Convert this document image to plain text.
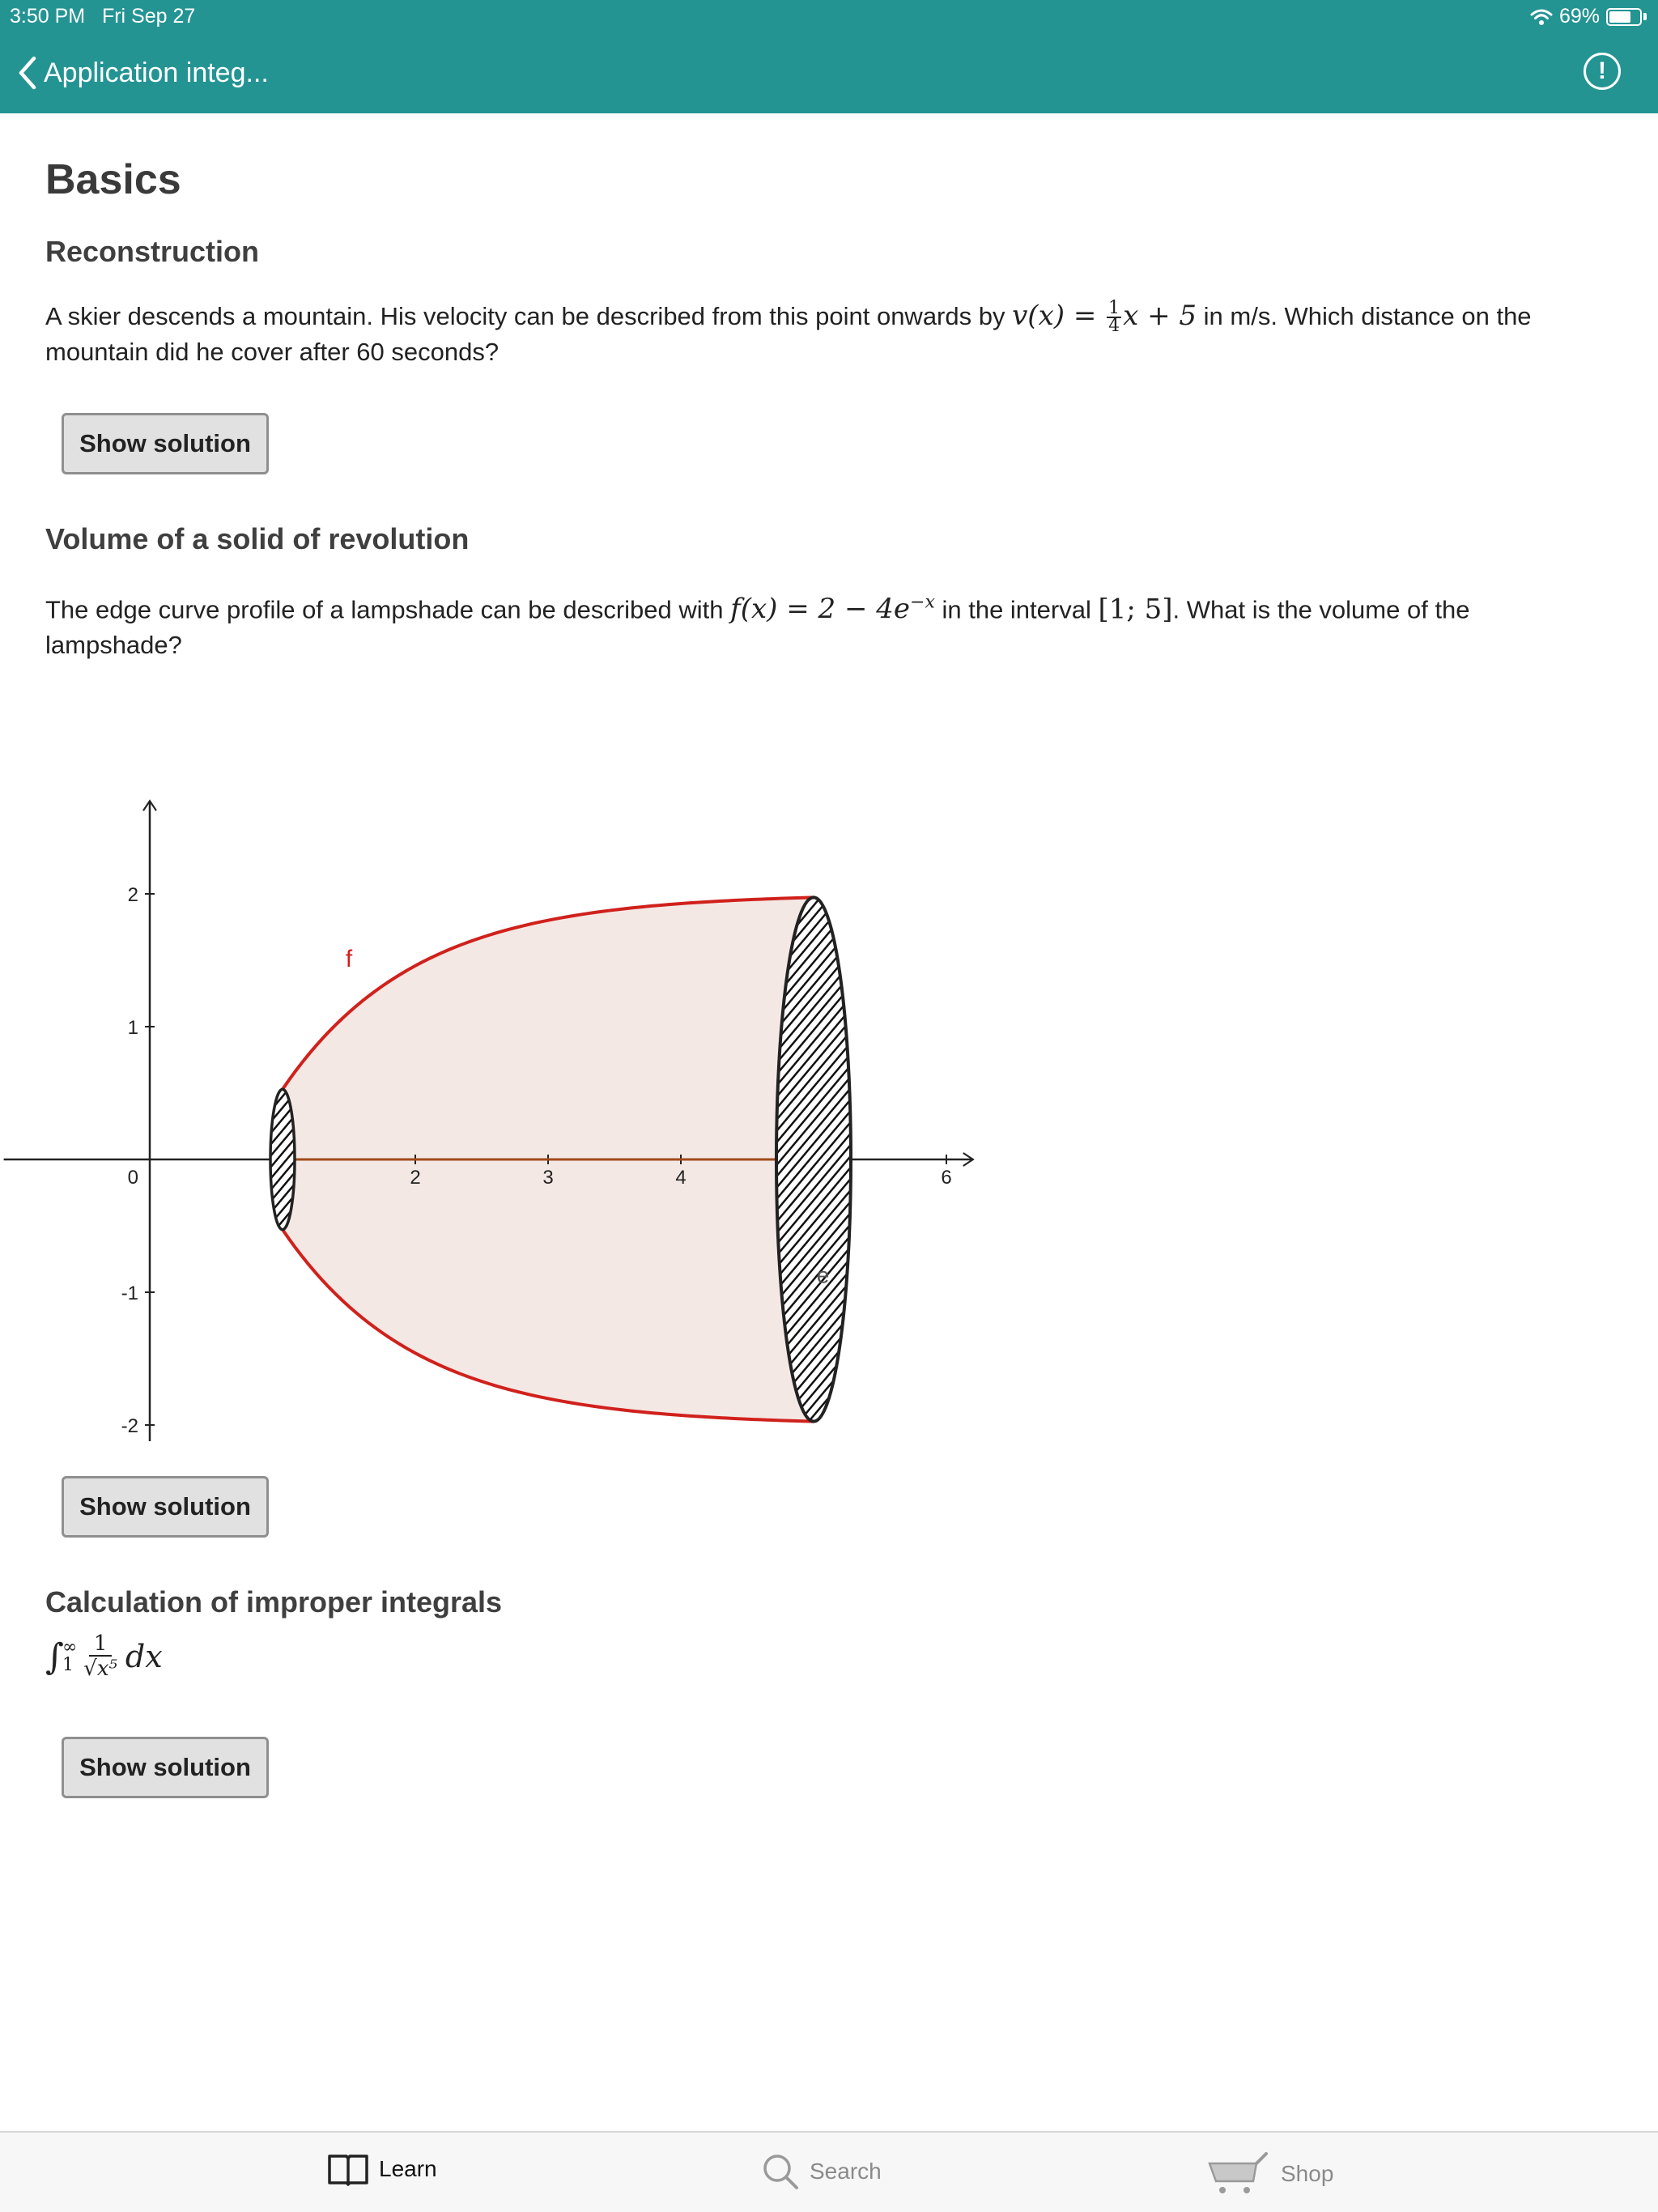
3:50 PM Fri Sep 27	69%
Application integ...	!
Basics
Reconstruction

A skier descends a mountain. His velocity can be described from this point onwards by $v(x) = \frac{1}{4}$ x + 5 in m/s. Which distance on the mountain did he cover after 60 seconds?

Show solution
Volume of a solid of revolution

The edge curve profile of a lampshade can be described with $f(x) = 2 - 4e^{-x}$ in the interval [1; 5]. What is the volume of the lampshade?

2	3	4	6
2
1
0
-1
-2
f
e
Show solution
Calculation of improper integrals
∫
∞
$1 \frac{1}{\text{√x⁵}}$ dx
Show solution
Learn	Search	Shop
